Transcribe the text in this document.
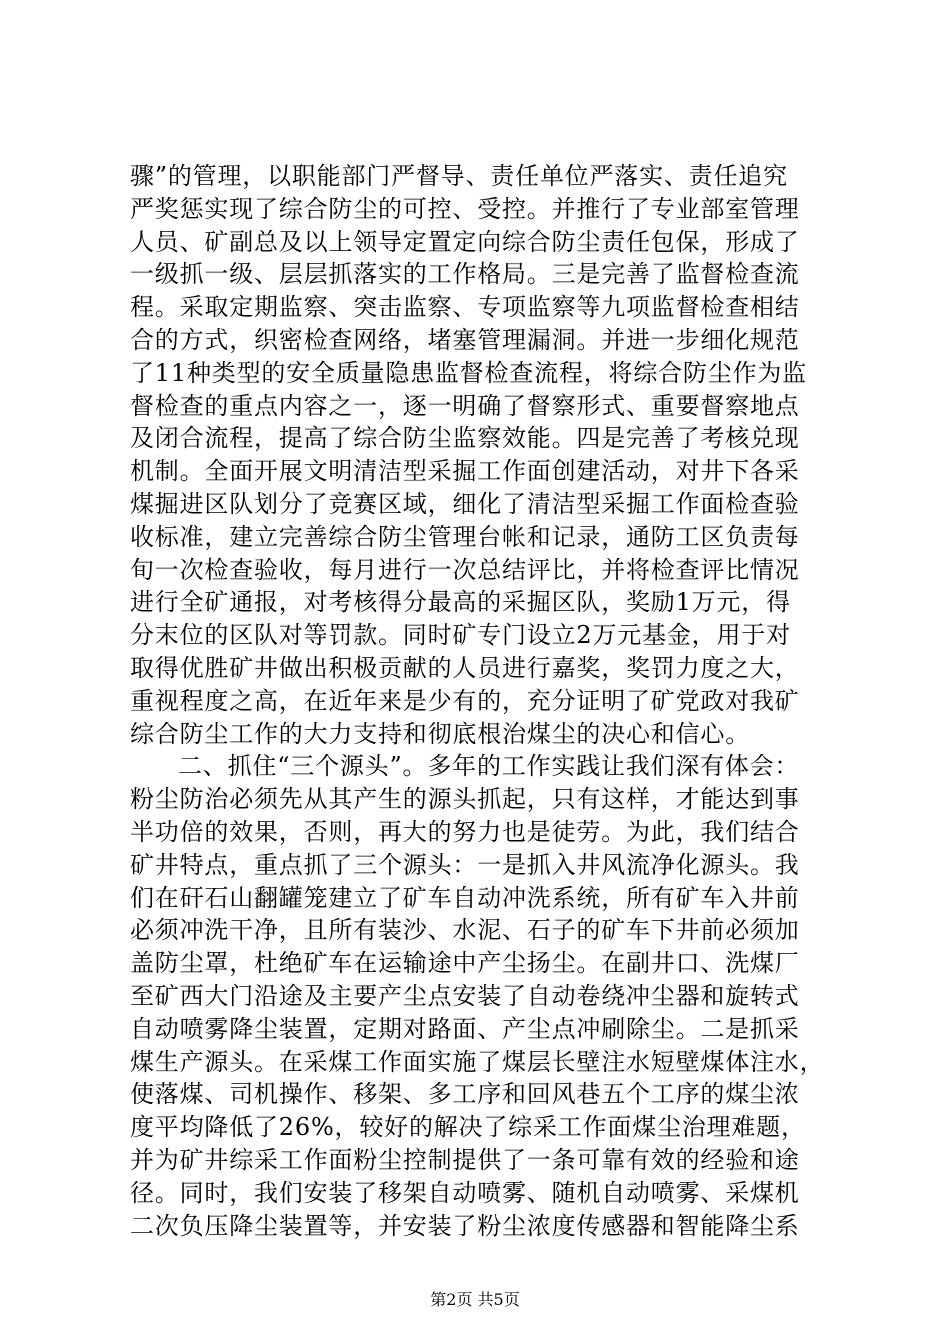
骤”的管理，以职能部门严督导、责任单位严落实、责任追究
严奖惩实现了综合防尘的可控、受控。并推行了专业部室管理
人员、矿副总及以上领导定置定向综合防尘责任包保，形成了
一级抓一级、层层抓落实的工作格局。三是完善了监督检查流
程。采取定期监察、突击监察、专项监察等九项监督检查相结
合的方式，织密检查网络，堵塞管理漏洞。并进一步细化规范
了11种类型的安全质量隐患监督检查流程，将综合防尘作为监
督检查的重点内容之一，逐一明确了督察形式、重要督察地点
及闭合流程，提高了综合防尘监察效能。四是完善了考核兑现
机制。全面开展文明清洁型采掘工作面创建活动，对井下各采
煤掘进区队划分了竞赛区域，细化了清洁型采掘工作面检查验
收标准，建立完善综合防尘管理台帐和记录，通防工区负责每
旬一次检查验收，每月进行一次总结评比，并将检查评比情况
进行全矿通报，对考核得分最高的采掘区队，奖励1万元，得
分末位的区队对等罚款。同时矿专门设立2万元基金，用于对
取得优胜矿井做出积极贡献的人员进行嘉奖，奖罚力度之大，
重视程度之高，在近年来是少有的，充分证明了矿党政对我矿
综合防尘工作的大力支持和彻底根治煤尘的决心和信心。
二、抓住“三个源头”。多年的工作实践让我们深有体会：
粉尘防治必须先从其产生的源头抓起，只有这样，才能达到事
半功倍的效果，否则，再大的努力也是徒劳。为此，我们结合
矿井特点，重点抓了三个源头：一是抓入井风流净化源头。我
们在矸石山翻罐笼建立了矿车自动冲洗系统，所有矿车入井前
必须冲洗干净，且所有装沙、水泥、石子的矿车下井前必须加
盖防尘罩，杜绝矿车在运输途中产尘扬尘。在副井口、洗煤厂
至矿西大门沿途及主要产尘点安装了自动卷绕冲尘器和旋转式
自动喷雾降尘装置，定期对路面、产尘点冲刷除尘。二是抓采
煤生产源头。在采煤工作面实施了煤层长壁注水短壁煤体注水，
使落煤、司机操作、移架、多工序和回风巷五个工序的煤尘浓
度平均降低了26%，较好的解决了综采工作面煤尘治理难题，
并为矿井综采工作面粉尘控制提供了一条可靠有效的经验和途
径。同时，我们安装了移架自动喷雾、随机自动喷雾、采煤机
二次负压降尘装置等，并安装了粉尘浓度传感器和智能降尘系
第2页 共5页
